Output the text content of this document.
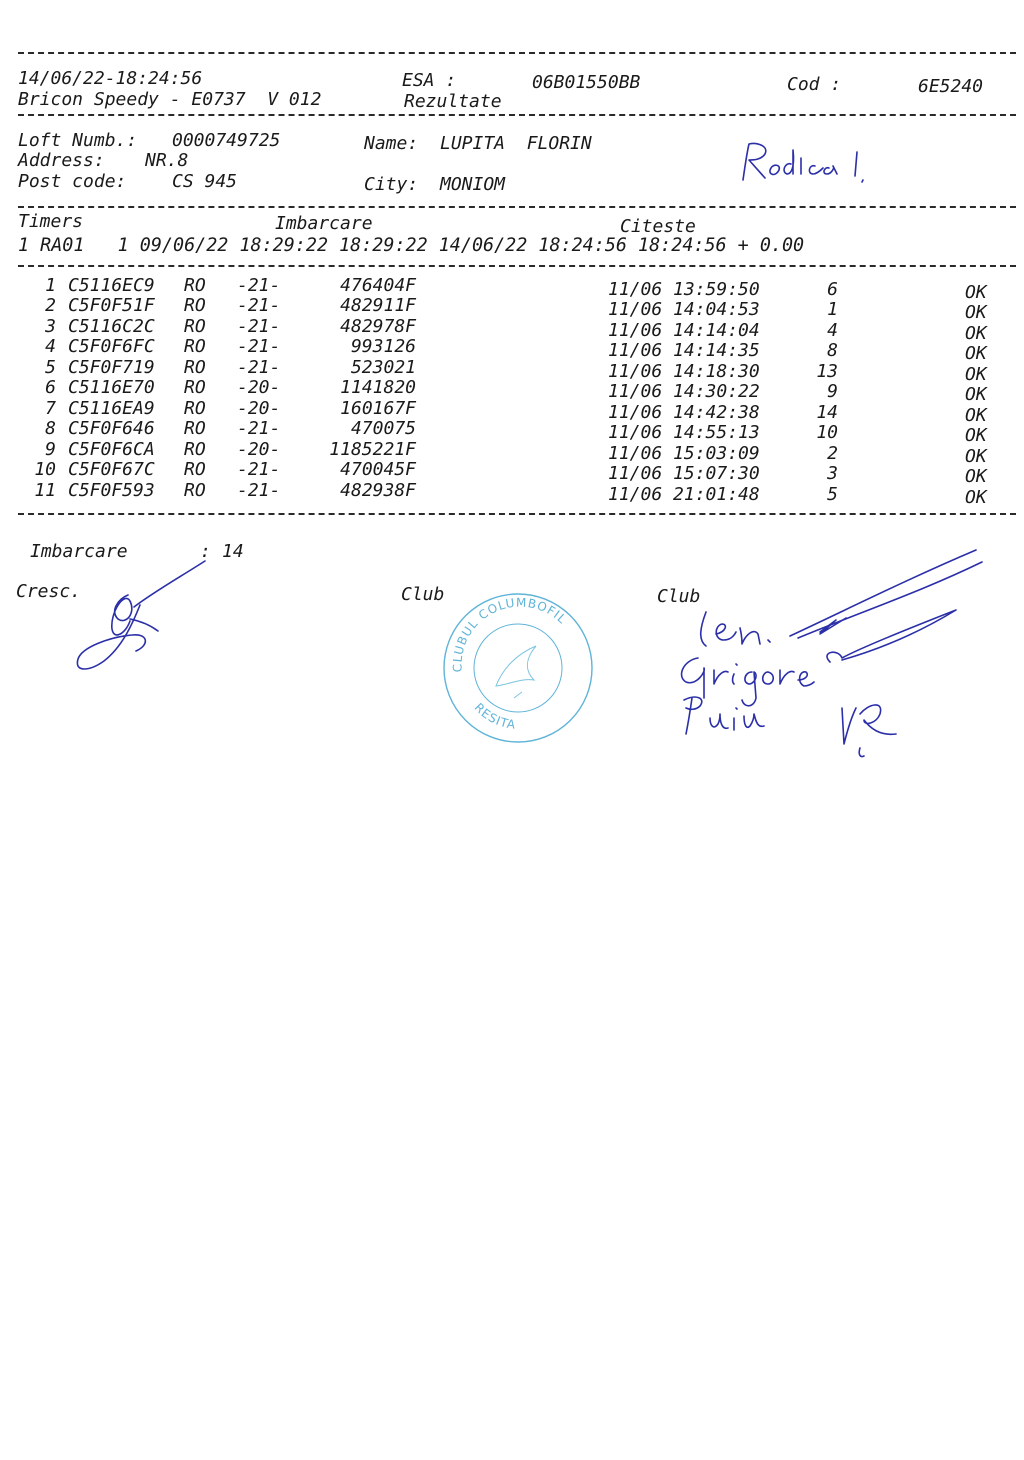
14/06/22-18:24:56	ESA :	06B01550BB	Cod :	6E5240
Bricon Speedy - E0737  V 012	Rezultate
Loft Numb.: 0000749725	Name: LUPITA  FLORIN
Address: NR.8
Post code:	CS 945	City: MONIOM
Timers	Imbarcare	Citeste
1 RA01   1 09/06/22 18:29:22 18:29:22 14/06/22 18:24:56 18:24:56 + 0.00
1 C5116EC9 RO -21-	476404F	11/06 13:59:50	6	OK
2 C5F0F51F RO -21-	482911F	11/06 14:04:53	1	OK
3 C5116C2C RO -21-	482978F	11/06 14:14:04	4	OK
4 C5F0F6FC RO -21-	993126	11/06 14:14:35	8	OK
5 C5F0F719 RO -21-	523021	11/06 14:18:30	13	OK
6 C5116E70 RO -20-	1141820	11/06 14:30:22	9	OK
7 C5116EA9 RO -20-	160167F	11/06 14:42:38	14	OK
8 C5F0F646 RO -21-	470075	11/06 14:55:13	10	OK
9 C5F0F6CA RO -20-	1185221F	11/06 15:03:09	2	OK
10 C5F0F67C RO -21-	470045F	11/06 15:07:30	3	OK
11 C5F0F593 RO -21-	482938F	11/06 21:01:48	5	OK
Imbarcare	: 14
Cresc.	Club	Club
CLUBUL COLUMBOFIL
RESITA
